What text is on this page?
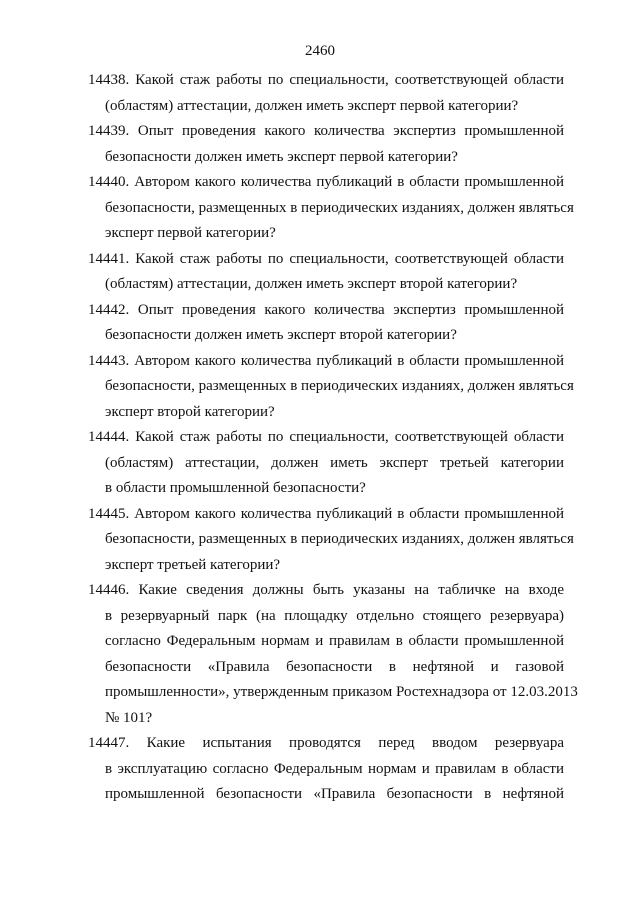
2460
14438. Какой стаж работы по специальности, соответствующей области
(областям) аттестации, должен иметь эксперт первой категории?
14439. Опыт проведения какого количества экспертиз промышленной
безопасности должен иметь эксперт первой категории?
14440. Автором какого количества публикаций в области промышленной
безопасности, размещенных в периодических изданиях, должен являться
эксперт первой категории?
14441. Какой стаж работы по специальности, соответствующей области
(областям) аттестации, должен иметь эксперт второй категории?
14442. Опыт проведения какого количества экспертиз промышленной
безопасности должен иметь эксперт второй категории?
14443. Автором какого количества публикаций в области промышленной
безопасности, размещенных в периодических изданиях, должен являться
эксперт второй категории?
14444. Какой стаж работы по специальности, соответствующей области
(областям) аттестации, должен иметь эксперт третьей категории
в области промышленной безопасности?
14445. Автором какого количества публикаций в области промышленной
безопасности, размещенных в периодических изданиях, должен являться
эксперт третьей категории?
14446. Какие сведения должны быть указаны на табличке на входе
в резервуарный парк (на площадку отдельно стоящего резервуара)
согласно Федеральным нормам и правилам в области промышленной
безопасности «Правила безопасности в нефтяной и газовой
промышленности», утвержденным приказом Ростехнадзора от 12.03.2013
№ 101?
14447. Какие испытания проводятся перед вводом резервуара
в эксплуатацию согласно Федеральным нормам и правилам в области
промышленной безопасности «Правила безопасности в нефтяной
